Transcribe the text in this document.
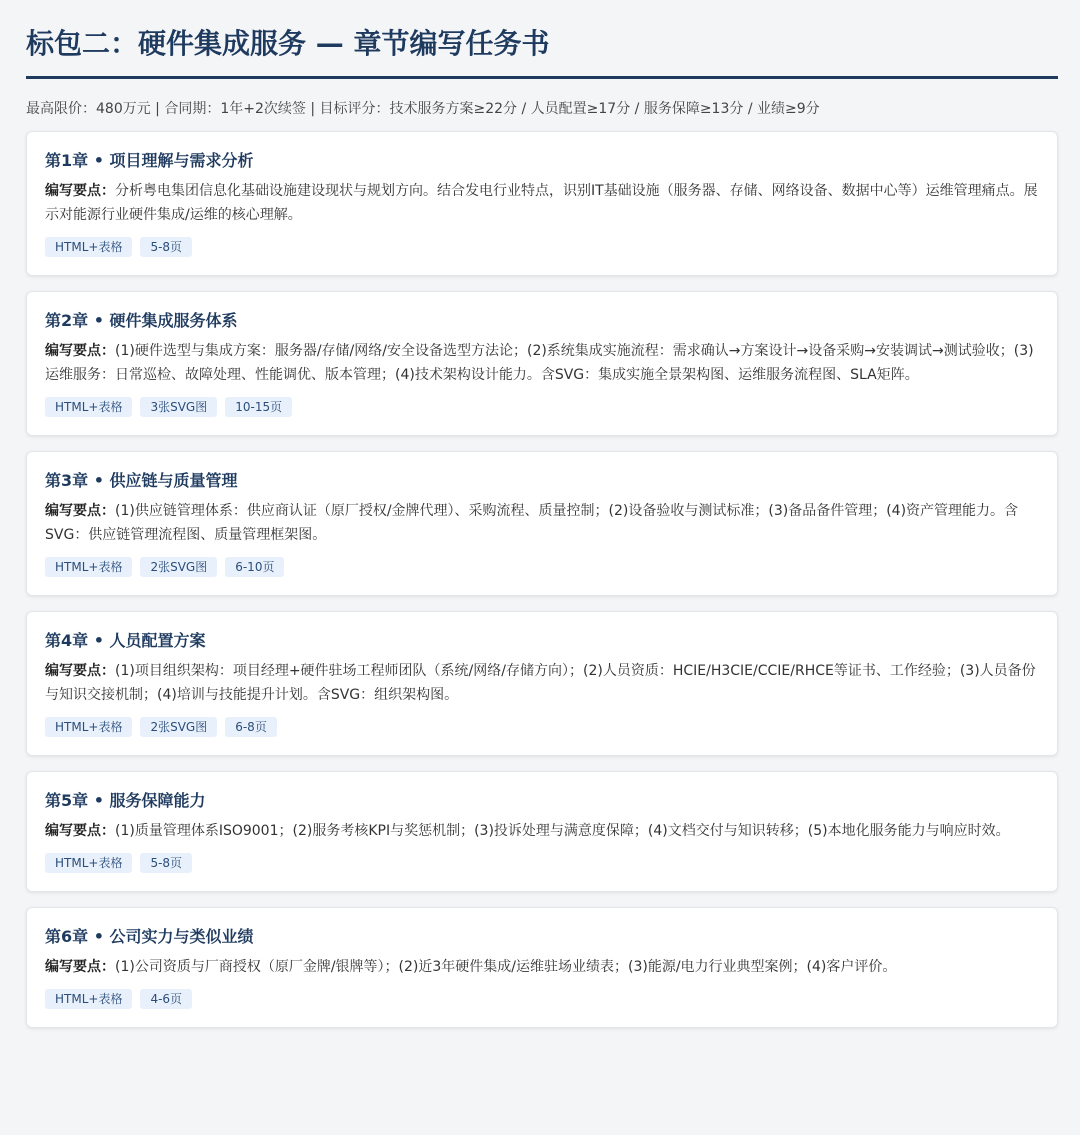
标包二：硬件集成服务 — 章节编写任务书
最高限价：480万元 | 合同期：1年+2次续签 | 目标评分：技术服务方案≥22分 / 人员配置≥17分 / 服务保障≥13分 / 业绩≥9分
第1章 • 项目理解与需求分析

编写要点：分析粤电集团信息化基础设施建设现状与规划方向。结合发电行业特点，识别IT基础设施（服务器、存储、网络设备、数据中心等）运维管理痛点。展示对能源行业硬件集成/运维的核心理解。

HTML+表格	5-8页
第2章 • 硬件集成服务体系

编写要点：(1)硬件选型与集成方案：服务器/存储/网络/安全设备选型方法论；(2)系统集成实施流程：需求确认→方案设计→设备采购→安装调试→测试验收；(3)运维服务：日常巡检、故障处理、性能调优、版本管理；(4)技术架构设计能力。含SVG：集成实施全景架构图、运维服务流程图、SLA矩阵。

HTML+表格	3张SVG图	10-15页
第3章 • 供应链与质量管理

编写要点：(1)供应链管理体系：供应商认证（原厂授权/金牌代理）、采购流程、质量控制；(2)设备验收与测试标准；(3)备品备件管理；(4)资产管理能力。含SVG：供应链管理流程图、质量管理框架图。

HTML+表格	2张SVG图	6-10页
第4章 • 人员配置方案

编写要点：(1)项目组织架构：项目经理+硬件驻场工程师团队（系统/网络/存储方向）；(2)人员资质：HCIE/H3CIE/CCIE/RHCE等证书、工作经验；(3)人员备份与知识交接机制；(4)培训与技能提升计划。含SVG：组织架构图。

HTML+表格	2张SVG图	6-8页
第5章 • 服务保障能力

编写要点：(1)质量管理体系ISO9001；(2)服务考核KPI与奖惩机制；(3)投诉处理与满意度保障；(4)文档交付与知识转移；(5)本地化服务能力与响应时效。

HTML+表格	5-8页
第6章 • 公司实力与类似业绩

编写要点：(1)公司资质与厂商授权（原厂金牌/银牌等）；(2)近3年硬件集成/运维驻场业绩表；(3)能源/电力行业典型案例；(4)客户评价。

HTML+表格	4-6页
